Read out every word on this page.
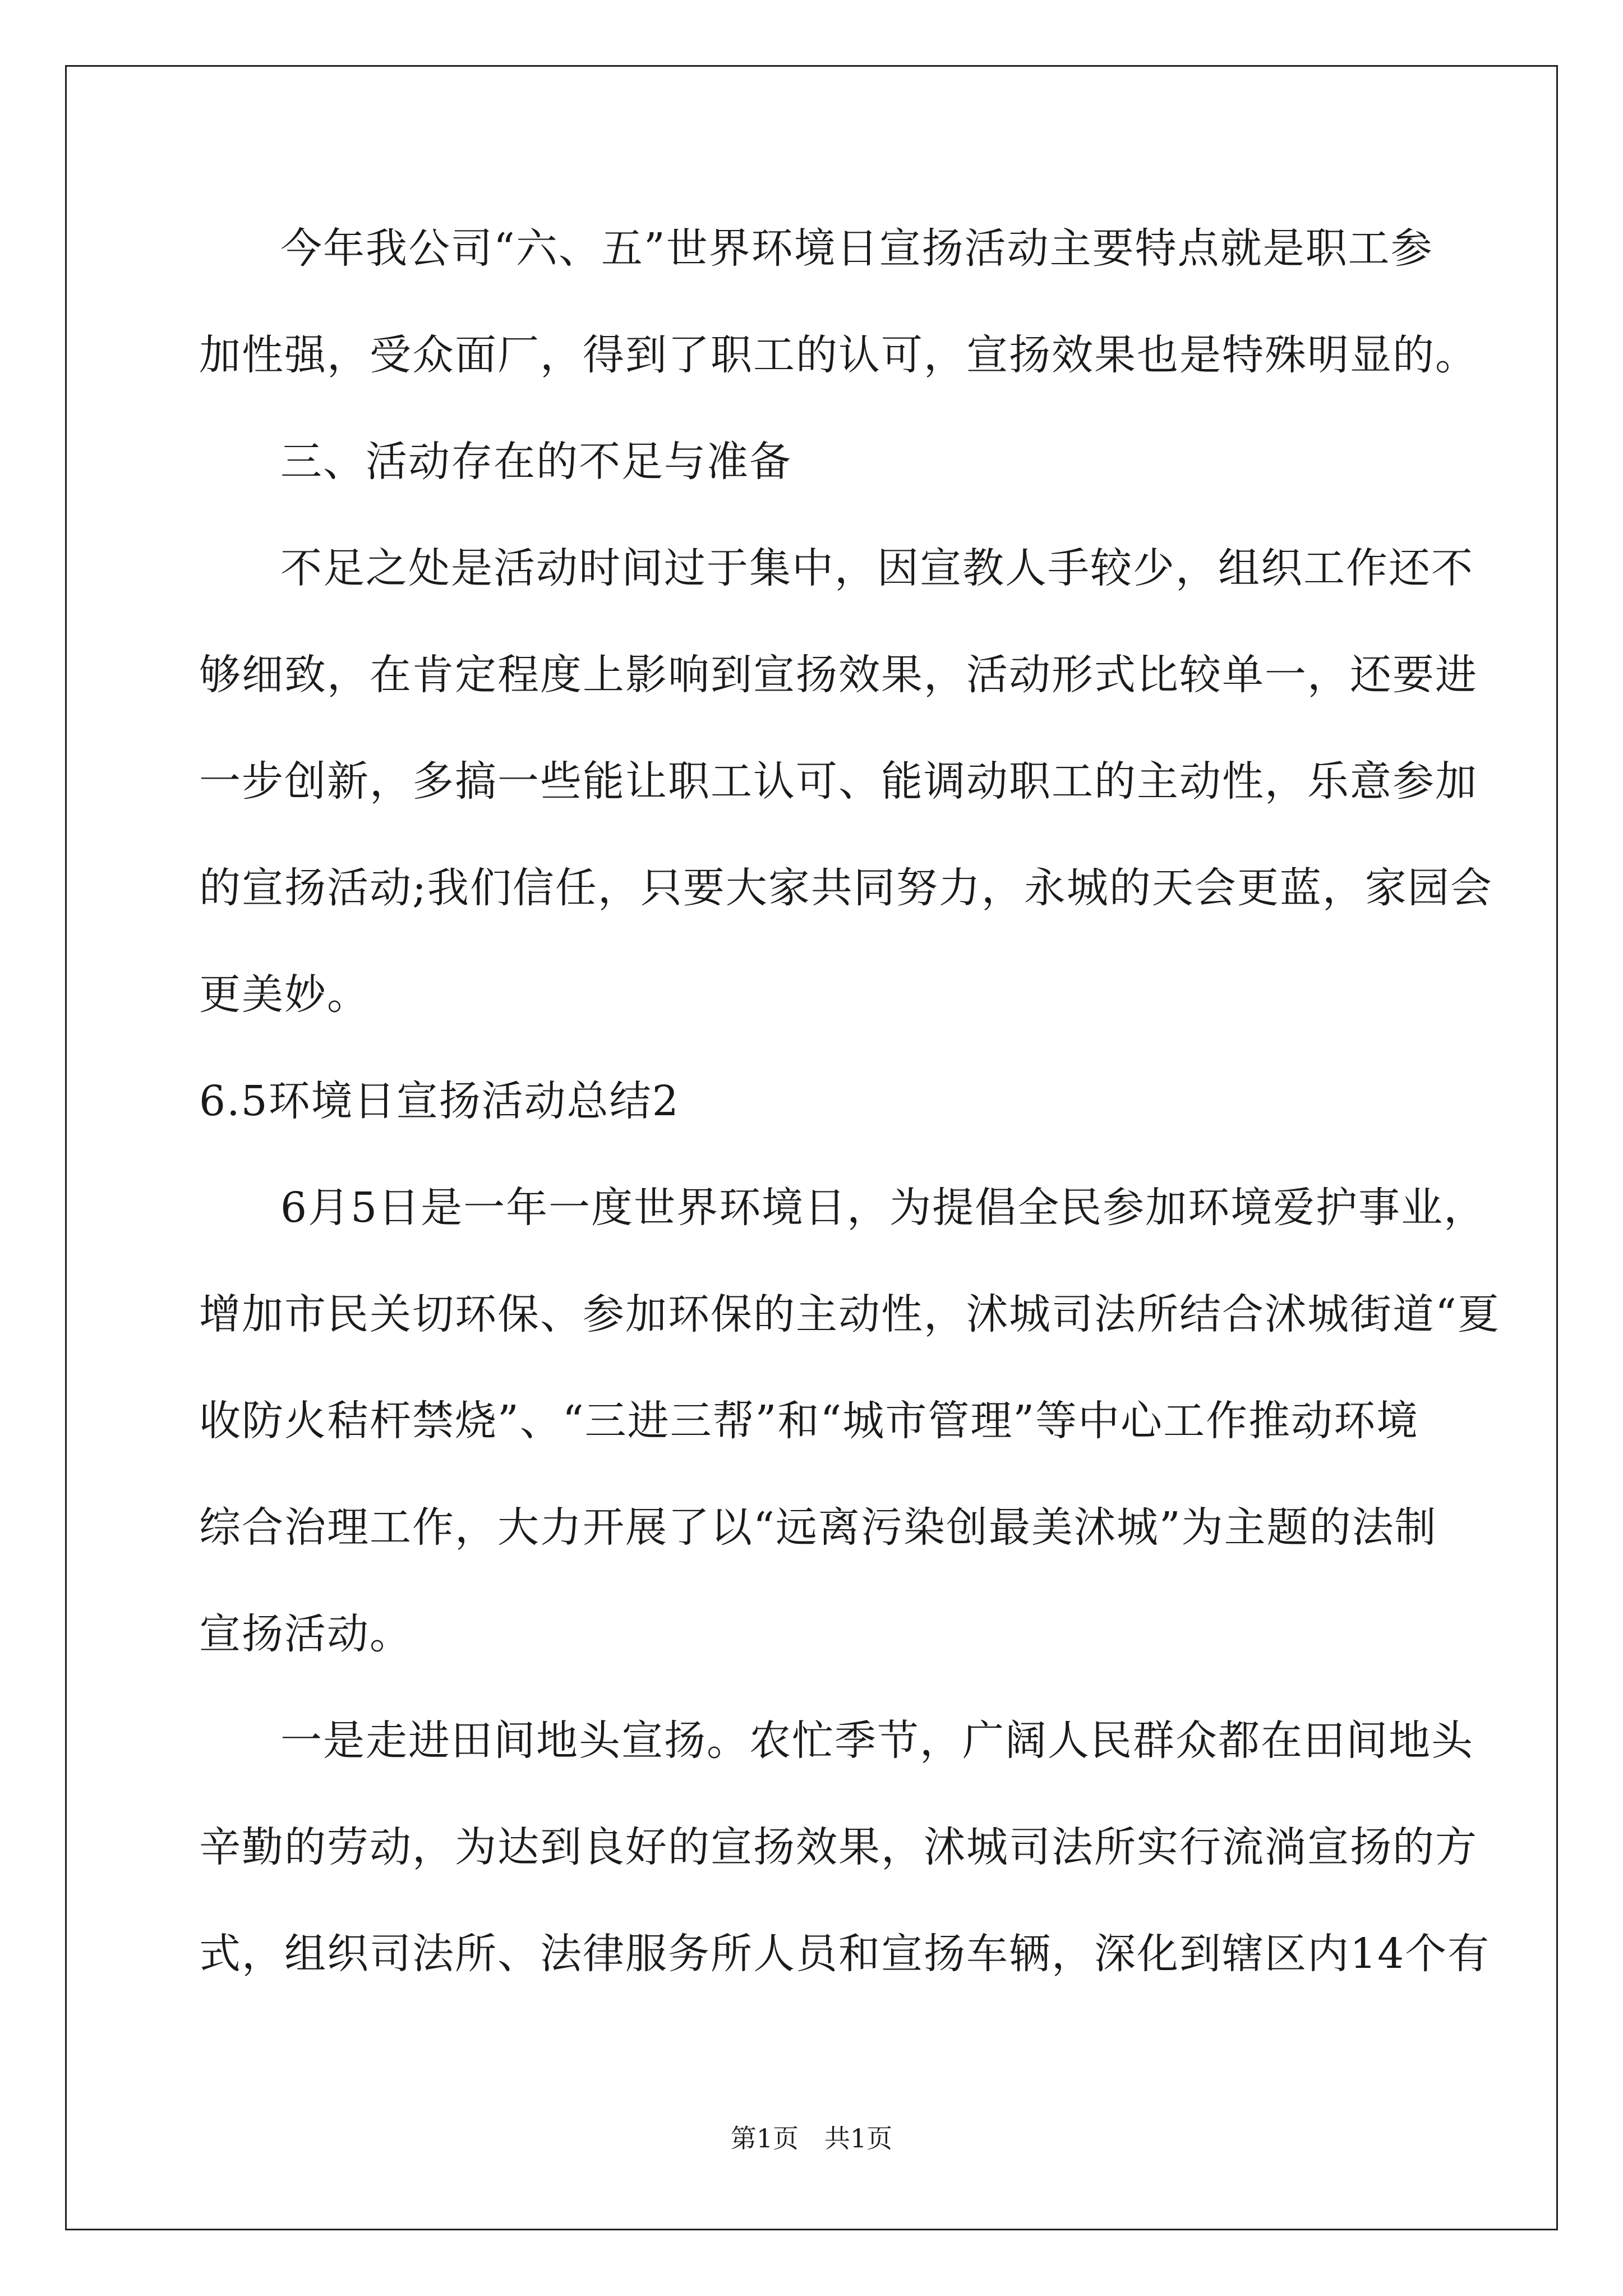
今年我公司“六、五”世界环境日宣扬活动主要特点就是职工参
加性强，受众面厂，得到了职工的认可，宣扬效果也是特殊明显的。
三、活动存在的不足与准备
不足之处是活动时间过于集中，因宣教人手较少，组织工作还不
够细致，在肯定程度上影响到宣扬效果，活动形式比较单一，还要进
一步创新，多搞一些能让职工认可、能调动职工的主动性，乐意参加
的宣扬活动;我们信任，只要大家共同努力，永城的天会更蓝，家园会
更美妙。
6.5环境日宣扬活动总结2
6月5日是一年一度世界环境日，为提倡全民参加环境爱护事业，
增加市民关切环保、参加环保的主动性，沭城司法所结合沭城街道“夏
收防火秸杆禁烧”、“三进三帮”和“城市管理”等中心工作推动环境
综合治理工作，大力开展了以“远离污染创最美沭城”为主题的法制
宣扬活动。
一是走进田间地头宣扬。农忙季节，广阔人民群众都在田间地头
辛勤的劳动，为达到良好的宣扬效果，沭城司法所实行流淌宣扬的方
式，组织司法所、法律服务所人员和宣扬车辆，深化到辖区内14个有
第1页　共1页
